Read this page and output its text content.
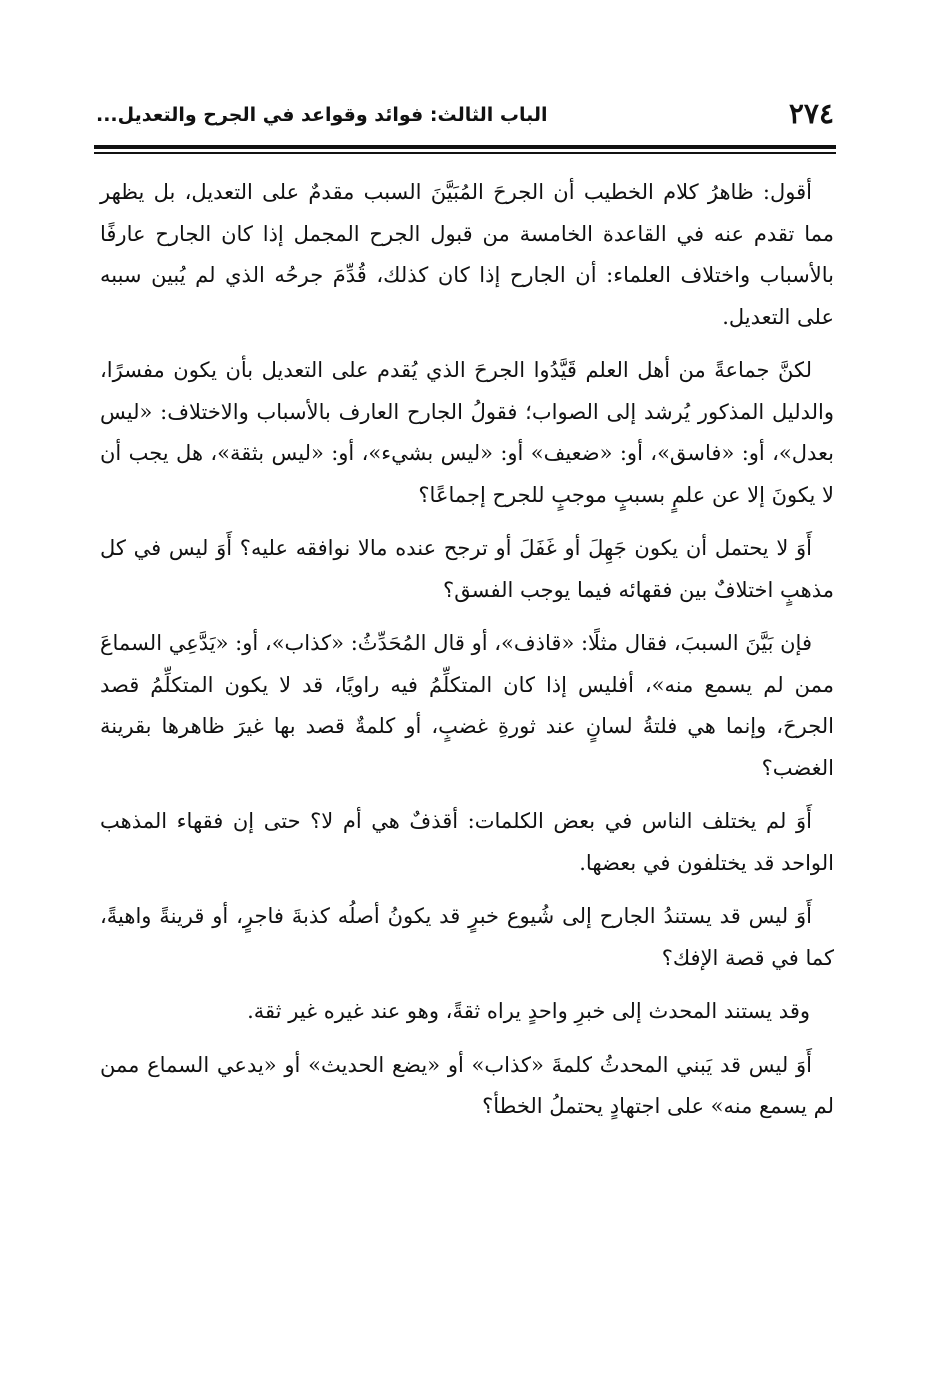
٢٧٤
الباب الثالث: فوائد وقواعد في الجرح والتعديل...

أقول: ظاهرُ كلام الخطيب أن الجرحَ المُبَيَّنَ السبب مقدمٌ على التعديل، بل يظهر مما تقدم عنه في القاعدة الخامسة من قبول الجرح المجمل إذا كان الجارح عارفًا بالأسباب واختلاف العلماء: أن الجارح إذا كان كذلك، قُدِّمَ جرحُه الذي لم يُبين سببه على التعديل.

لكنَّ جماعةً من أهل العلم قَيَّدُوا الجرحَ الذي يُقدم على التعديل بأن يكون مفسرًا، والدليل المذكور يُرشد إلى الصواب؛ فقولُ الجارح العارف بالأسباب والاختلاف: «ليس بعدل»، أو: «فاسق»، أو: «ضعيف» أو: «ليس بشيء»، أو: «ليس بثقة»، هل يجب أن لا يكونَ إلا عن علمٍ بسببٍ موجبٍ للجرح إجماعًا؟

أَوَ لا يحتمل أن يكون جَهِلَ أو غَفَلَ أو ترجح عنده مالا نوافقه عليه؟ أَوَ ليس في كل مذهبٍ اختلافٌ بين فقهائه فيما يوجب الفسق؟

فإن بَيَّنَ السببَ، فقال مثلًا: «قاذف»، أو قال المُحَدِّثُ: «كذاب»، أو: «يَدَّعِي السماعَ ممن لم يسمع منه»، أفليس إذا كان المتكلِّمُ فيه راويًا، قد لا يكون المتكلِّمُ قصد الجرحَ، وإنما هي فلتةُ لسانٍ عند ثورةِ غضبٍ، أو كلمةٌ قصد بها غيرَ ظاهرها بقرينة الغضب؟

أَوَ لم يختلف الناس في بعض الكلمات: أقذفٌ هي أم لا؟ حتى إن فقهاء المذهب الواحد قد يختلفون في بعضها.

أَوَ ليس قد يستندُ الجارح إلى شُيوع خبرٍ قد يكونُ أصلُه كذبةَ فاجرٍ، أو قرينةً واهيةً، كما في قصة الإفك؟

وقد يستند المحدث إلى خبرِ واحدٍ يراه ثقةً، وهو عند غيره غير ثقة.

أَوَ ليس قد يَبني المحدثُ كلمةَ «كذاب» أو «يضع الحديث» أو «يدعي السماع ممن لم يسمع منه» على اجتهادٍ يحتملُ الخطأ؟
